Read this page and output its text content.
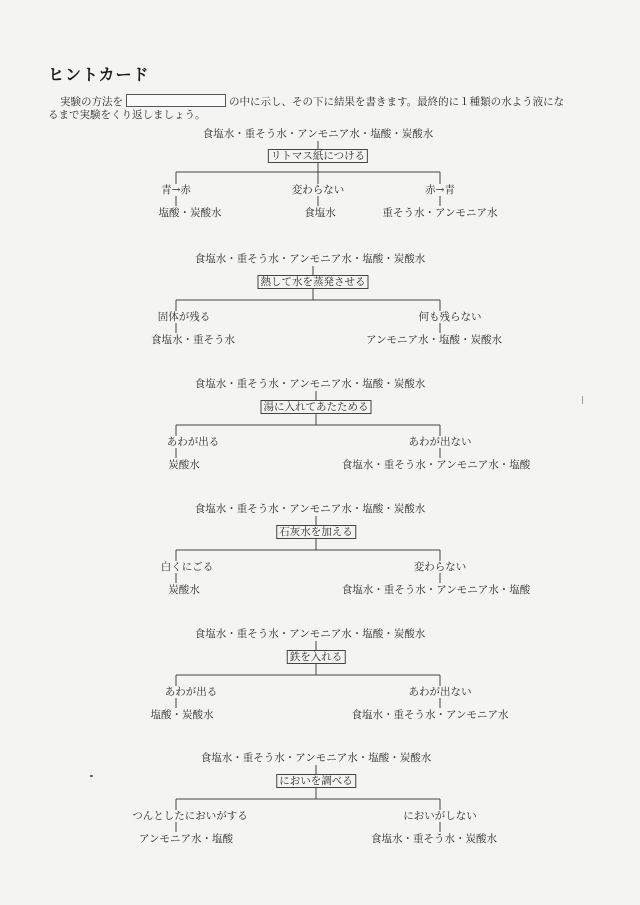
ヒントカード
実験の方法を	の中に示し、その下に結果を書きます。最終的に１種類の水よう液にな
るまで実験をくり返しましょう。
食塩水・重そう水・アンモニア水・塩酸・炭酸水
リトマス紙につける
青→赤	変わらない	赤→青
塩酸・炭酸水	食塩水	重そう水・アンモニア水
食塩水・重そう水・アンモニア水・塩酸・炭酸水
熱して水を蒸発させる
固体が残る	何も残らない
食塩水・重そう水	アンモニア水・塩酸・炭酸水
食塩水・重そう水・アンモニア水・塩酸・炭酸水
湯に入れてあたためる
あわが出る	あわが出ない
炭酸水	食塩水・重そう水・アンモニア水・塩酸
食塩水・重そう水・アンモニア水・塩酸・炭酸水
石灰水を加える
白くにごる	変わらない
炭酸水	食塩水・重そう水・アンモニア水・塩酸
食塩水・重そう水・アンモニア水・塩酸・炭酸水
鉄を入れる
あわが出る	あわが出ない
塩酸・炭酸水	食塩水・重そう水・アンモニア水
食塩水・重そう水・アンモニア水・塩酸・炭酸水
においを調べる
つんとしたにおいがする	においがしない
アンモニア水・塩酸	食塩水・重そう水・炭酸水
